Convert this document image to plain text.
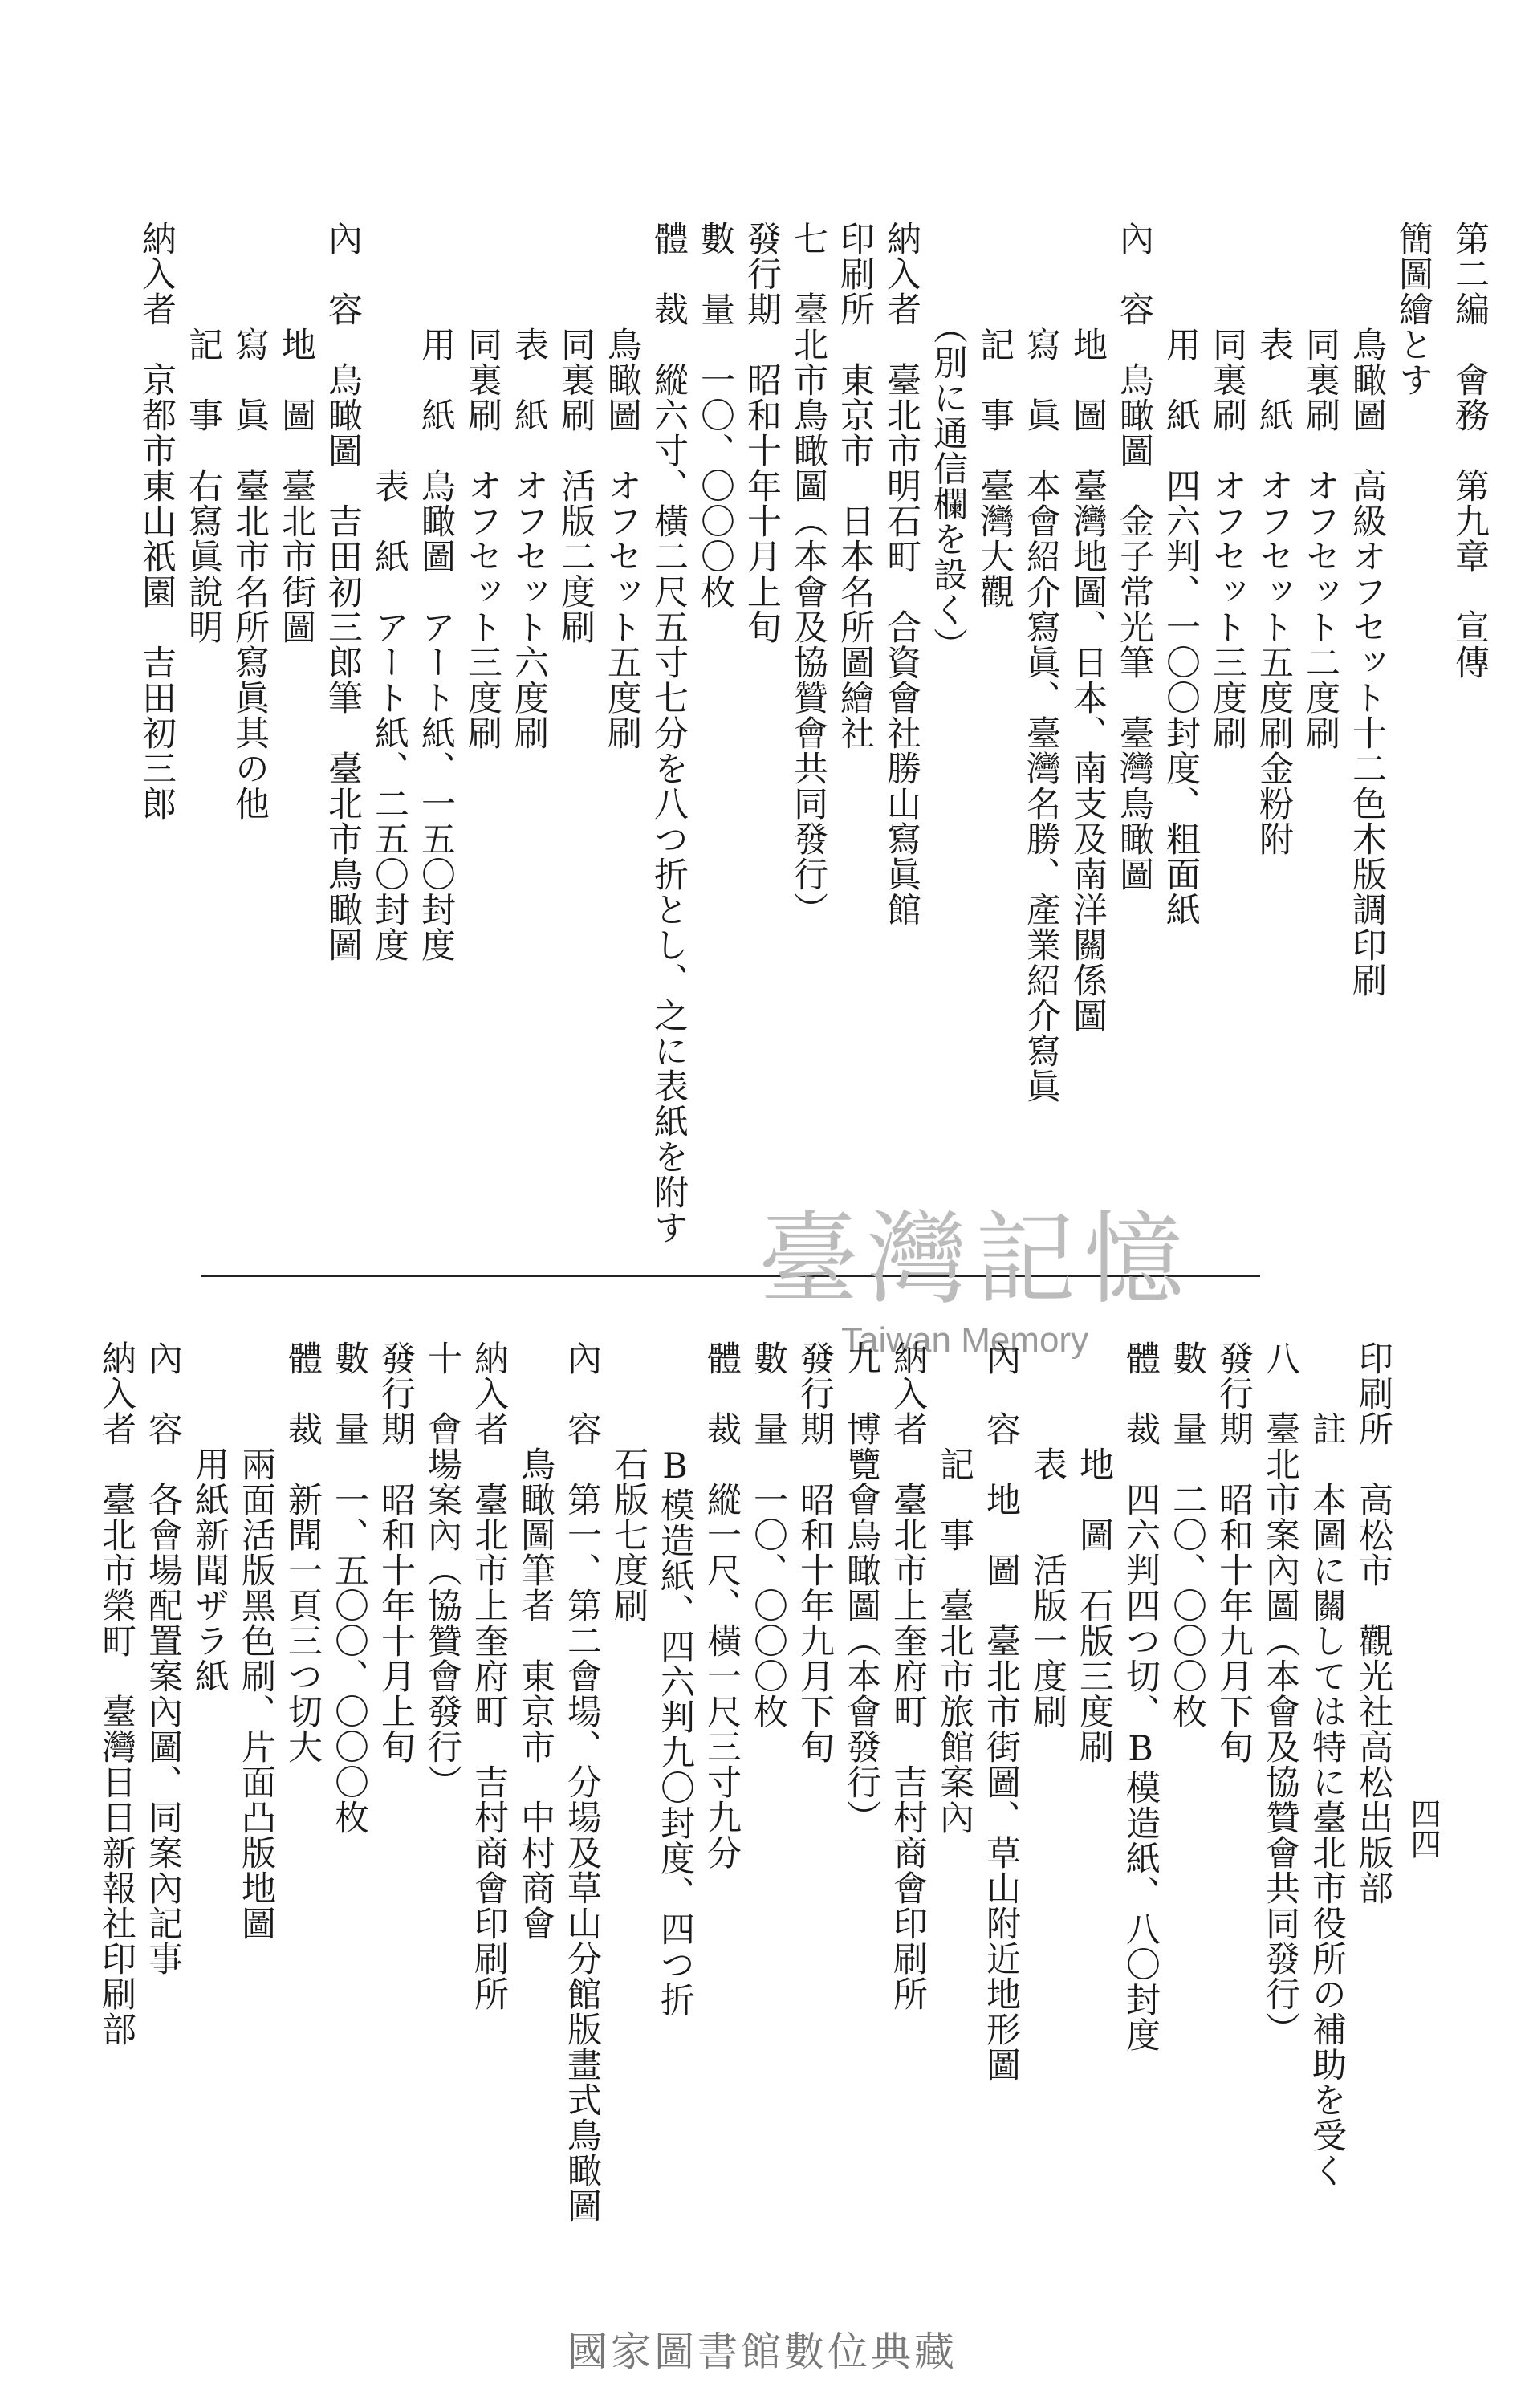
第二編　會務　第九章　宣傳
簡圖繪とす
　　　鳥瞰圖　高級オフセット十二色木版調印刷
　　　同裏刷　オフセット二度刷
　　　表　紙　オフセット五度刷金粉附
　　　同裏刷　オフセット三度刷
　　　用　紙　四六判、一〇〇封度、粗面紙
內　容　鳥瞰圖　金子常光筆　臺灣鳥瞰圖
　　　地　圖　臺灣地圖、日本、南支及南洋關係圖
　　　寫　眞　本會紹介寫眞、臺灣名勝、產業紹介寫眞
　　　記　事　臺灣大觀
　　　（別に通信欄を設く）
納入者　臺北市明石町　合資會社勝山寫眞館
印刷所　東京市　日本名所圖繪社
七　臺北市鳥瞰圖（本會及協贊會共同發行）
發行期　昭和十年十月上旬
數　量　一〇、〇〇〇枚
體　裁　縱六寸、橫二尺五寸七分を八つ折とし、之に表紙を附す
　　　鳥瞰圖　オフセット五度刷
　　　同裏刷　活版二度刷
　　　表　紙　オフセット六度刷
　　　同裏刷　オフセット三度刷
　　　用　紙　鳥瞰圖　アート紙、一五〇封度
　　　　　　　表　紙　アート紙、二五〇封度
內　容　鳥瞰圖　吉田初三郎筆　臺北市鳥瞰圖
　　　地　圖　臺北市街圖
　　　寫　眞　臺北市名所寫眞其の他
　　　記　事　右寫眞說明
納入者　京都市東山祇園　吉田初三郎
臺灣記憶
Taiwan Memory
印刷所　高松市　觀光社高松出版部
　　註　本圖に關しては特に臺北市役所の補助を受く
八　臺北市案內圖（本會及協贊會共同發行）
發行期　昭和十年九月下旬
數　量　二〇、〇〇〇枚
體　裁　四六判四つ切、B模造紙、八〇封度
　　　地　圖　石版三度刷
　　　表　　活版一度刷
內　容　地　圖　臺北市街圖、草山附近地形圖
　　　記　事　臺北市旅館案內
納入者　臺北市上奎府町　吉村商會印刷所
九　博覽會鳥瞰圖（本會發行）
發行期　昭和十年九月下旬
數　量　一〇、〇〇〇枚
體　裁　縱一尺、橫一尺三寸九分
　　　B模造紙、四六判九〇封度、四つ折
　　　石版七度刷
內　容　第一、第二會場、分場及草山分館版畫式鳥瞰圖
　　　鳥瞰圖筆者　東京市　中村商會
納入者　臺北市上奎府町　吉村商會印刷所
十　會場案內（協贊會發行）
發行期　昭和十年十月上旬
數　量　一、五〇〇、〇〇〇枚
體　裁　新聞一頁三つ切大
　　　兩面活版黑色刷、片面凸版地圖
　　　用紙新聞ザラ紙
內　容　各會場配置案內圖、同案內記事
納入者　臺北市榮町　臺灣日日新報社印刷部	四四
國家圖書館數位典藏
